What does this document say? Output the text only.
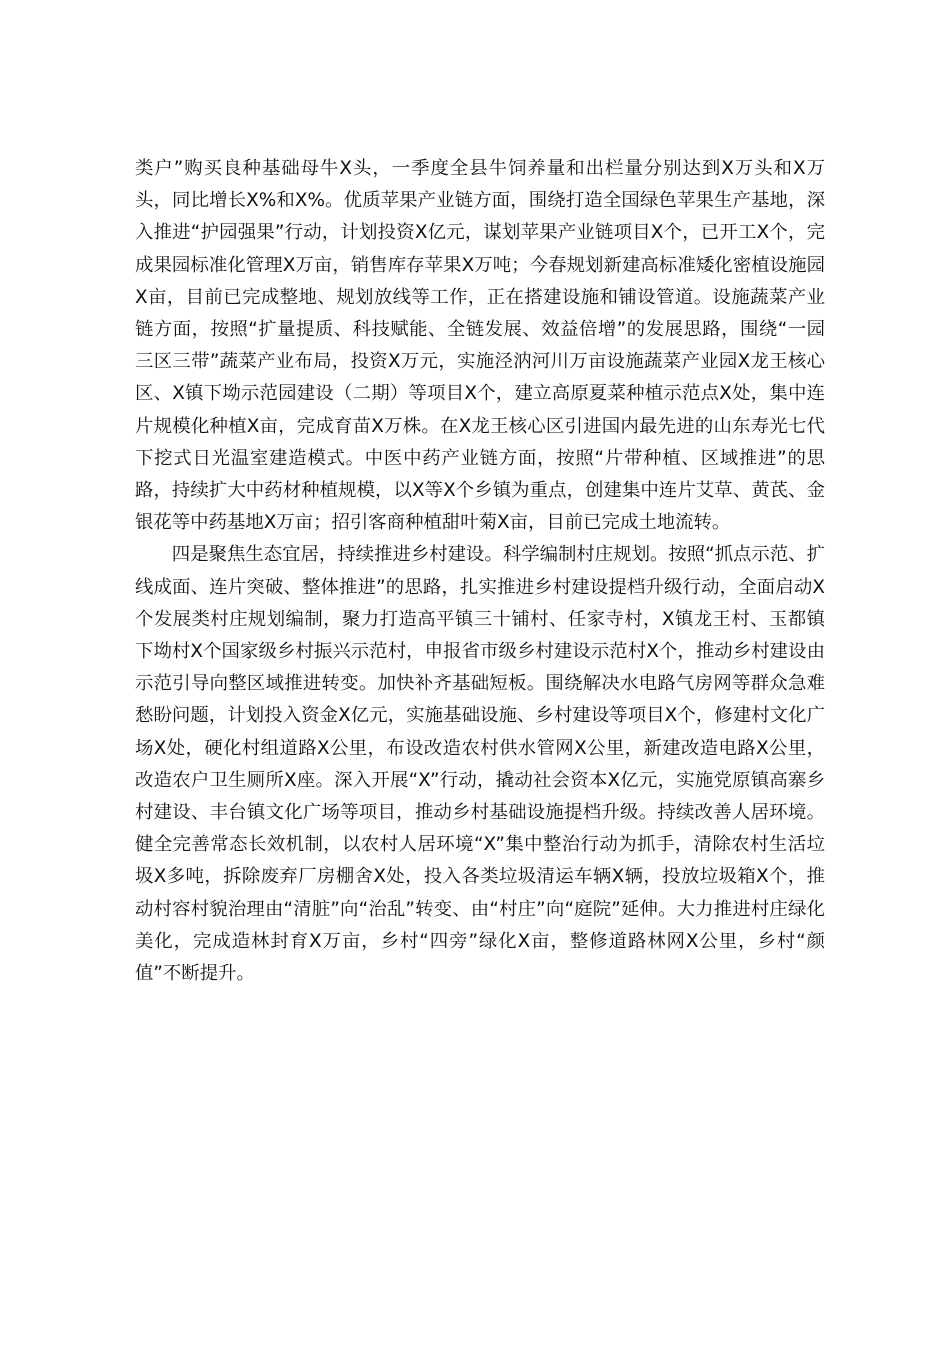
类户”购买良种基础母牛X头，一季度全县牛饲养量和出栏量分别达到X万头和X万头，同比增长X%和X%。优质苹果产业链方面，围绕打造全国绿色苹果生产基地，深入推进“护园强果”行动，计划投资X亿元，谋划苹果产业链项目X个，已开工X个，完成果园标准化管理X万亩，销售库存苹果X万吨；今春规划新建高标准矮化密植设施园X亩，目前已完成整地、规划放线等工作，正在搭建设施和铺设管道。设施蔬菜产业链方面，按照“扩量提质、科技赋能、全链发展、效益倍增”的发展思路，围绕“一园三区三带”蔬菜产业布局，投资X万元，实施泾汭河川万亩设施蔬菜产业园X龙王核心区、X镇下坳示范园建设（二期）等项目X个，建立高原夏菜种植示范点X处，集中连片规模化种植X亩，完成育苗X万株。在X龙王核心区引进国内最先进的山东寿光七代下挖式日光温室建造模式。中医中药产业链方面，按照“片带种植、区域推进”的思路，持续扩大中药材种植规模，以X等X个乡镇为重点，创建集中连片艾草、黄芪、金银花等中药基地X万亩；招引客商种植甜叶菊X亩，目前已完成土地流转。

四是聚焦生态宜居，持续推进乡村建设。科学编制村庄规划。按照“抓点示范、扩线成面、连片突破、整体推进”的思路，扎实推进乡村建设提档升级行动，全面启动X个发展类村庄规划编制，聚力打造高平镇三十铺村、任家寺村，X镇龙王村、玉都镇下坳村X个国家级乡村振兴示范村，申报省市级乡村建设示范村X个，推动乡村建设由示范引导向整区域推进转变。加快补齐基础短板。围绕解决水电路气房网等群众急难愁盼问题，计划投入资金X亿元，实施基础设施、乡村建设等项目X个，修建村文化广场X处，硬化村组道路X公里，布设改造农村供水管网X公里，新建改造电路X公里，改造农户卫生厕所X座。深入开展“X”行动，撬动社会资本X亿元，实施党原镇高寨乡村建设、丰台镇文化广场等项目，推动乡村基础设施提档升级。持续改善人居环境。健全完善常态长效机制，以农村人居环境“X”集中整治行动为抓手，清除农村生活垃圾X多吨，拆除废弃厂房棚舍X处，投入各类垃圾清运车辆X辆，投放垃圾箱X个，推动村容村貌治理由“清脏”向“治乱”转变、由“村庄”向“庭院”延伸。大力推进村庄绿化美化，完成造林封育X万亩，乡村“四旁”绿化X亩，整修道路林网X公里，乡村“颜值”不断提升。
